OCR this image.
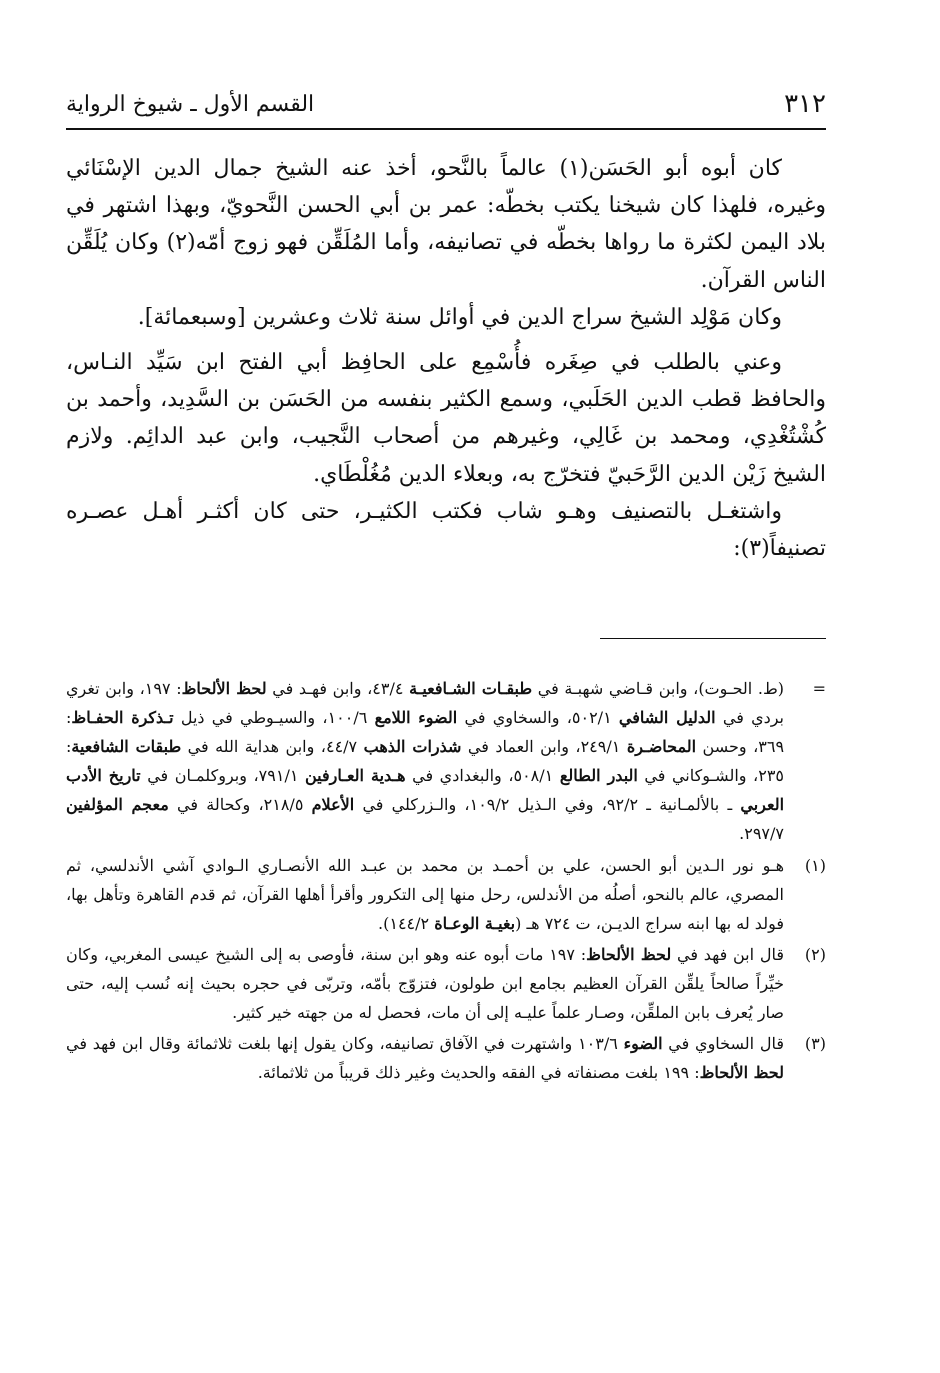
٣١٢
القسم الأول ـ شيوخ الرواية

كان أبوه أبو الحَسَن(١) عالماً بالنَّحو، أخذ عنه الشيخ جمال الدين الإسْنَائي وغيره، فلهذا كان شيخنا يكتب بخطّه: عمر بن أبي الحسن النَّحويّ، وبهذا اشتهر في بلاد اليمن لكثرة ما رواها بخطّه في تصانيفه، وأما المُلَقِّن فهو زوج أمّه(٢) وكان يُلَقِّن الناس القرآن.

وكان مَوْلِد الشيخ سراج الدين في أوائل سنة ثلاث وعشرين [وسبعمائة].

وعني بالطلب في صِغَره فأُسْمِع على الحافِظ أبي الفتح ابن سَيِّد النـاس، والحافظ قطب الدين الحَلَبي، وسمع الكثير بنفسه من الحَسَن بن السَّدِيد، وأحمد بن كُشْتُغْدِي، ومحمد بن غَالِي، وغيرهم من أصحاب النَّجيب، وابن عبد الدائِم. ولازم الشيخ زَيْن الدين الرَّحَبيّ فتخرّج به، وبعلاء الدين مُغُلْطَاي.

واشتغـل بالتصنيف وهـو شاب فكتب الكثيـر، حتى كان أكثـر أهـل عصـره تصنيفاً(٣):

=
(ط. الحـوت)، وابن قـاضي شهبـة في طبقـات الشـافعيـة ٤٣/٤، وابن فهـد في لحظ الألحاظ: ١٩٧، وابن تغري بردي في الدليل الشافي ٥٠٢/١، والسخاوي في الضوء اللامع ١٠٠/٦، والسيـوطي في ذيل تـذكرة الحفـاظ: ٣٦٩، وحسن المحاضـرة ٢٤٩/١، وابن العماد في شذرات الذهب ٤٤/٧، وابن هداية الله في طبقات الشافعية: ٢٣٥، والشـوكاني في البدر الطالع ٥٠٨/١، والبغدادي في هـدية العـارفين ٧٩١/١، وبروكلمـان في تاريخ الأدب العربي ـ بالألمـانية ـ ٩٢/٢، وفي الـذيل ١٠٩/٢، والـزركلي في الأعلام ٢١٨/٥، وكحالة في معجم المؤلفين ٢٩٧/٧.
(١)
هـو نور الـدين أبو الحسن، علي بن أحمـد بن محمد بن عبـد الله الأنصـاري الـوادي آشي الأندلسي، ثم المصري، عالم بالنحو، أصلُه من الأندلس، رحل منها إلى التكرور وأقرأ أهلها القرآن، ثم قدم القاهرة وتأهل بها، فولد له بها ابنه سراج الديـن، ت ٧٢٤ هـ (بغيـة الوعـاة ١٤٤/٢).
(٢)
قال ابن فهد في لحظ الألحاظ: ١٩٧ مات أبوه عنه وهو ابن سنة، فأوصى به إلى الشيخ عيسى المغربي، وكان خيِّراً صالحاً يلقِّن القرآن العظيم بجامع ابن طولون، فتزوّج بأمّه، وتربّى في حجره بحيث إنه نُسب إليه، حتى صار يُعرف بابن الملقِّن، وصـار علماً عليـه إلى أن مات، فحصل له من جهته خير كثير.
(٣)
قال السخاوي في الضوء ١٠٣/٦ واشتهرت في الآفاق تصانيفه، وكان يقول إنها بلغت ثلاثمائة وقال ابن فهد في لحظ الألحاظ: ١٩٩ بلغت مصنفاته في الفقه والحديث وغير ذلك قريباً من ثلاثمائة.
